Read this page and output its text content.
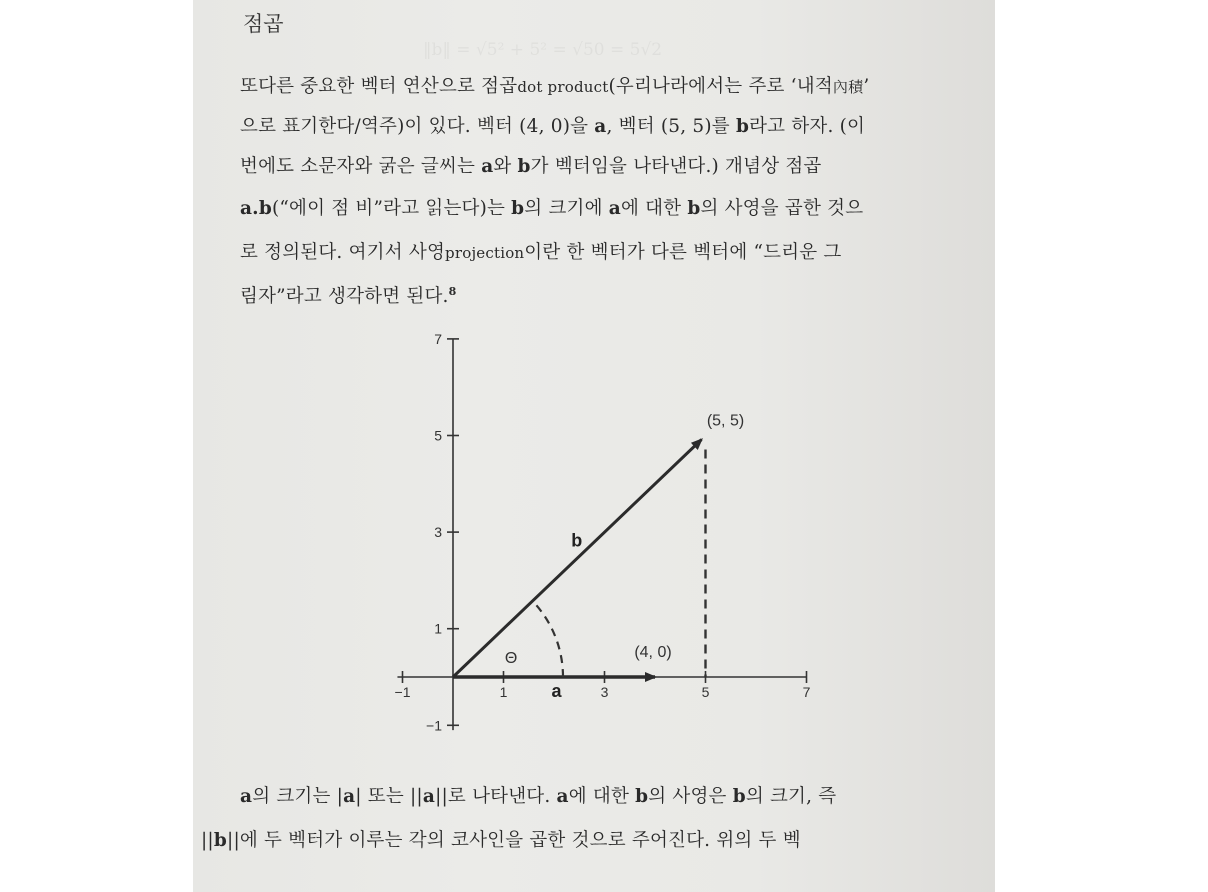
점곱
또다른 중요한 벡터 연산으로 점곱dot product(우리나라에서는 주로 ‘내적內積’
으로 표기한다/역주)이 있다. 벡터 (4, 0)을 a, 벡터 (5, 5)를 b라고 하자. (이
번에도 소문자와 굵은 글씨는 a와 b가 벡터임을 나타낸다.) 개념상 점곱
a.b(“에이 점 비”라고 읽는다)는 b의 크기에 a에 대한 b의 사영을 곱한 것으
로 정의된다. 여기서 사영projection이란 한 벡터가 다른 벡터에 “드리운 그
림자”라고 생각하면 된다.$^8$
−1	1	3	5	7
7
5
3
1
−1
(5, 5)
(4, 0)
b
a
Θ
a의 크기는 |a| 또는 ||a||로 나타낸다. a에 대한 b의 사영은 b의 크기, 즉
||b||에 두 벡터가 이루는 각의 코사인을 곱한 것으로 주어진다. 위의 두 벡
